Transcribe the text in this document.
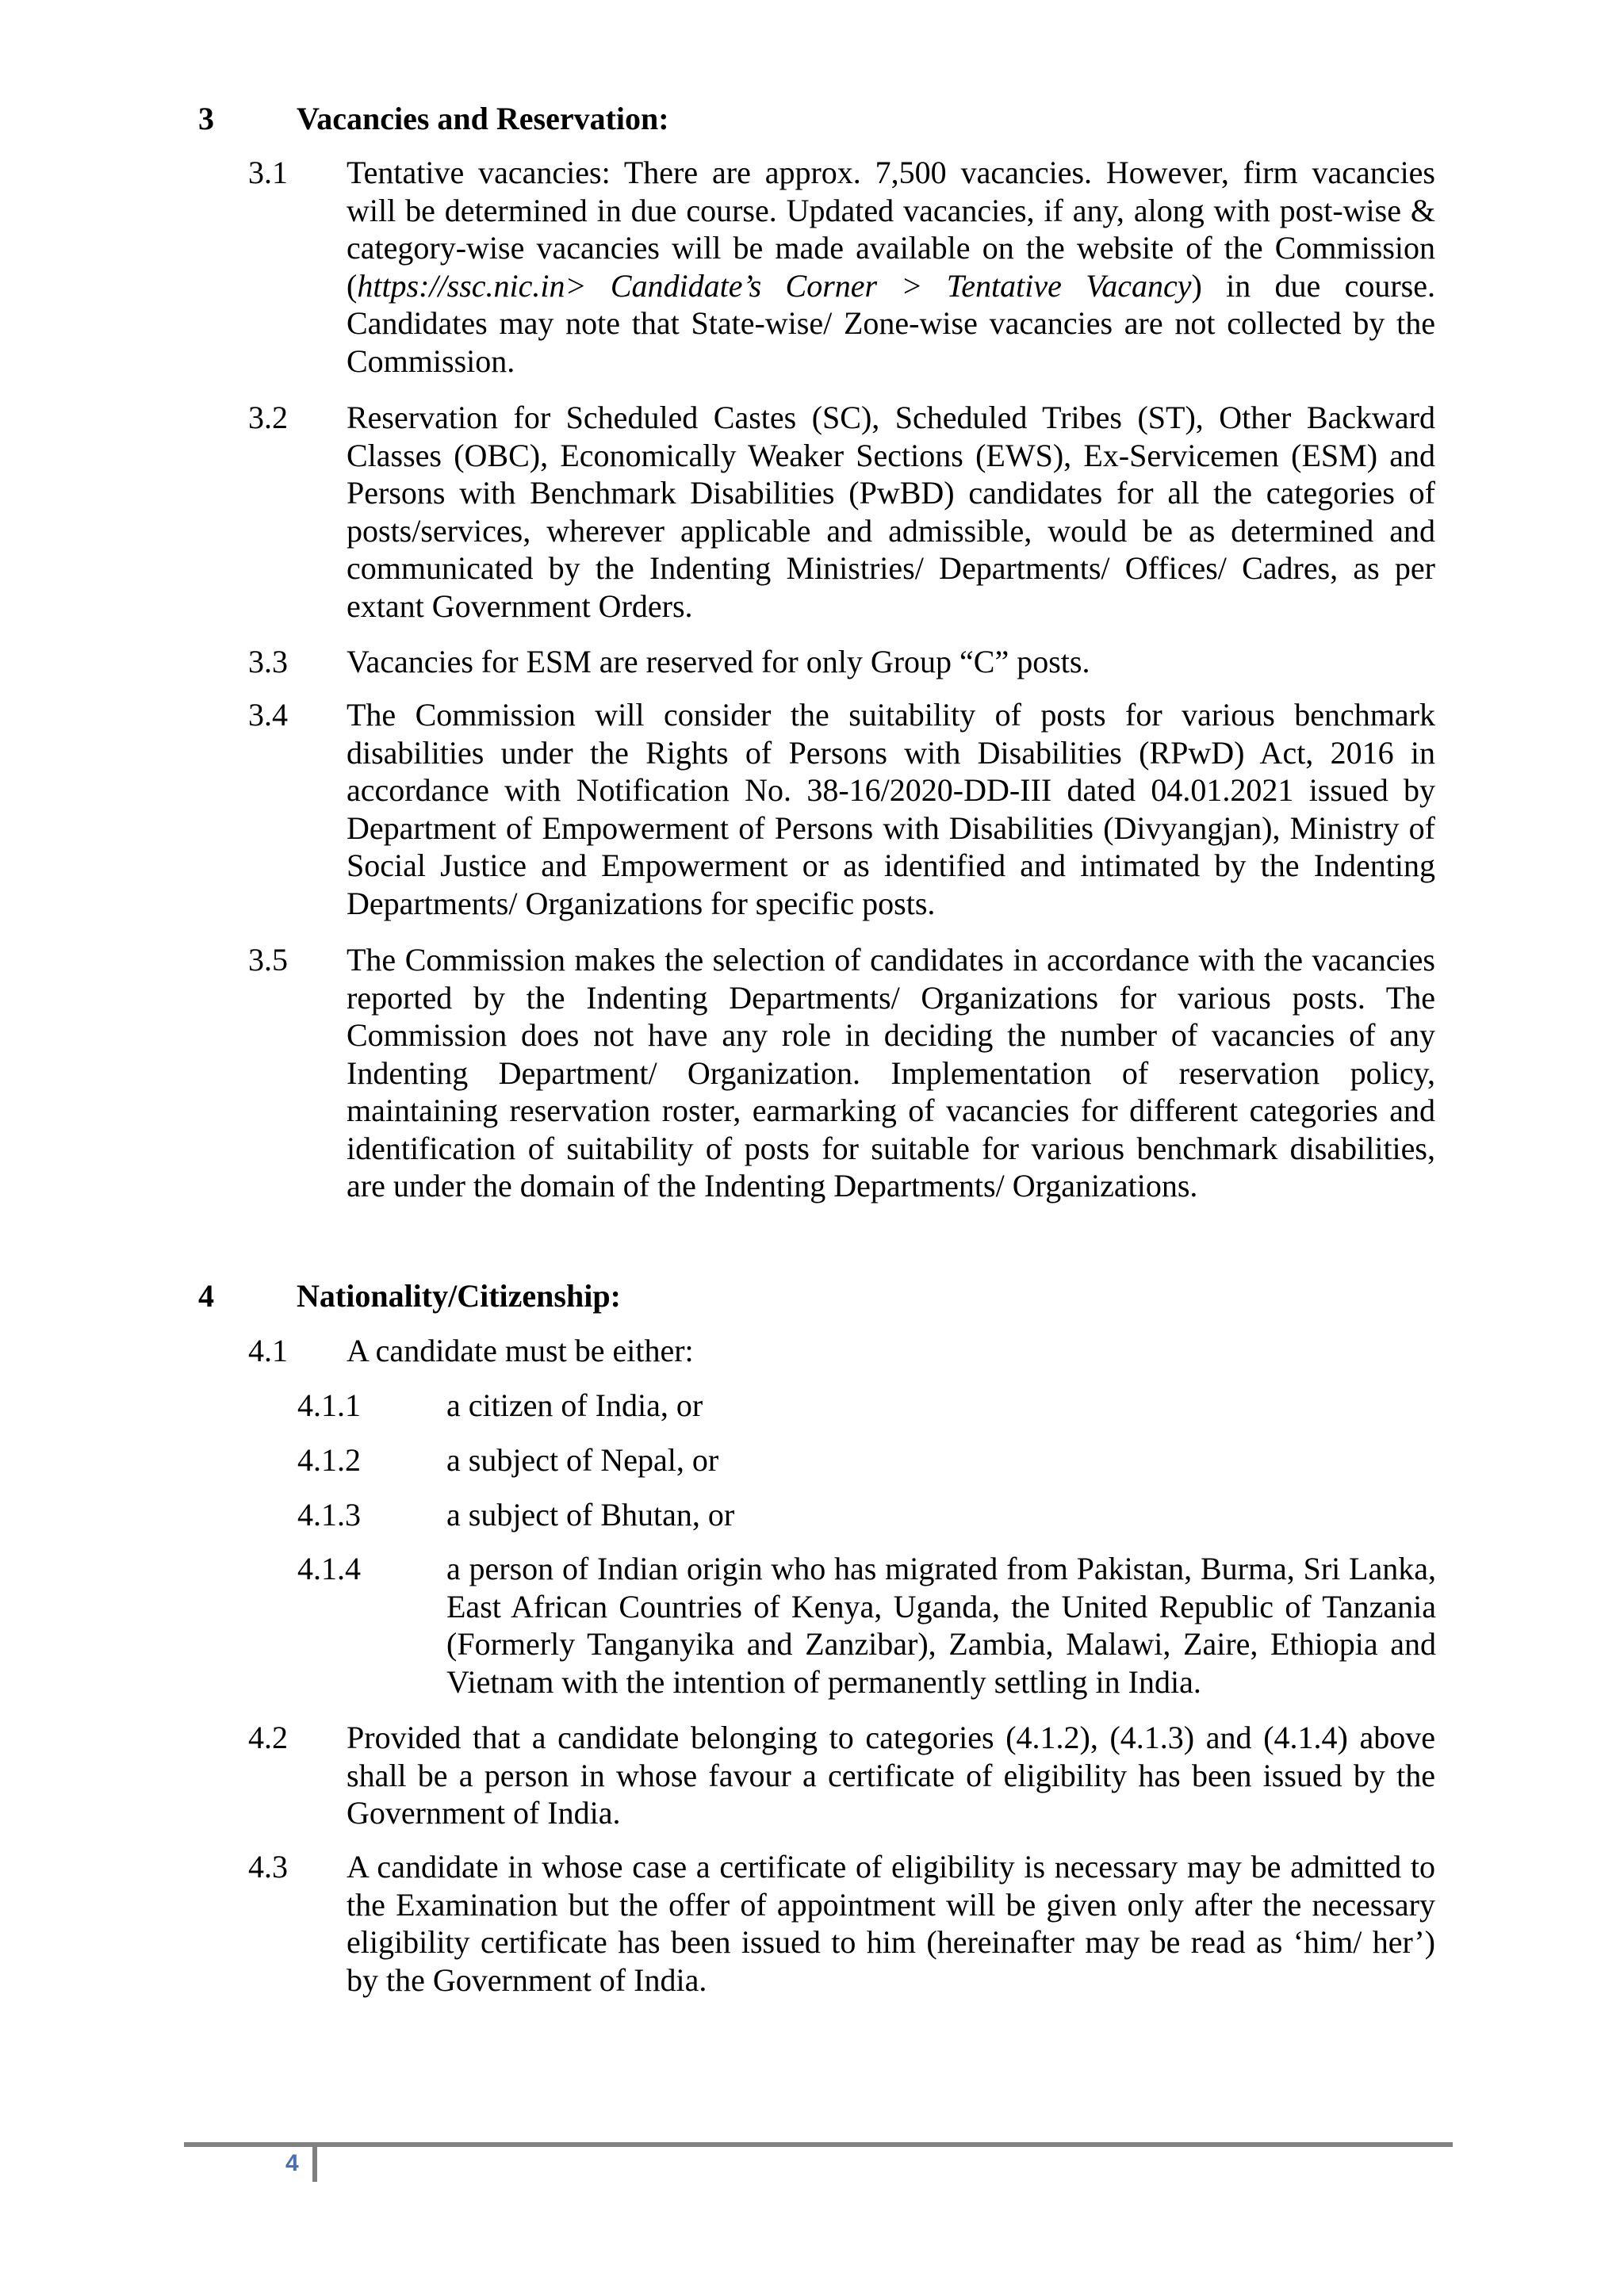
3	Vacancies and Reservation:
3.1 Tentative vacancies: There are approx. 7,500 vacancies. However, firm vacancies will be determined in due course. Updated vacancies, if any, along with post-wise & category-wise vacancies will be made available on the website of the Commission (https://ssc.nic.in> Candidate’s Corner > Tentative Vacancy) in due course. Candidates may note that State-wise/ Zone-wise vacancies are not collected by the Commission.
3.2 Reservation for Scheduled Castes (SC), Scheduled Tribes (ST), Other Backward Classes (OBC), Economically Weaker Sections (EWS), Ex-Servicemen (ESM) and Persons with Benchmark Disabilities (PwBD) candidates for all the categories of posts/services, wherever applicable and admissible, would be as determined and communicated by the Indenting Ministries/ Departments/ Offices/ Cadres, as per extant Government Orders.
3.3 Vacancies for ESM are reserved for only Group “C” posts.
3.4 The Commission will consider the suitability of posts for various benchmark disabilities under the Rights of Persons with Disabilities (RPwD) Act, 2016 in accordance with Notification No. 38-16/2020-DD-III dated 04.01.2021 issued by Department of Empowerment of Persons with Disabilities (Divyangjan), Ministry of Social Justice and Empowerment or as identified and intimated by the Indenting Departments/ Organizations for specific posts.
3.5 The Commission makes the selection of candidates in accordance with the vacancies reported by the Indenting Departments/ Organizations for various posts. The Commission does not have any role in deciding the number of vacancies of any Indenting Department/ Organization. Implementation of reservation policy, maintaining reservation roster, earmarking of vacancies for different categories and identification of suitability of posts for suitable for various benchmark disabilities, are under the domain of the Indenting Departments/ Organizations.
4	Nationality/Citizenship:
4.1 A candidate must be either:
4.1.1	a citizen of India, or
4.1.2	a subject of Nepal, or
4.1.3	a subject of Bhutan, or
4.1.4	a person of Indian origin who has migrated from Pakistan, Burma, Sri Lanka, East African Countries of Kenya, Uganda, the United Republic of Tanzania (Formerly Tanganyika and Zanzibar), Zambia, Malawi, Zaire, Ethiopia and Vietnam with the intention of permanently settling in India.
4.2 Provided that a candidate belonging to categories (4.1.2), (4.1.3) and (4.1.4) above shall be a person in whose favour a certificate of eligibility has been issued by the Government of India.
4.3 A candidate in whose case a certificate of eligibility is necessary may be admitted to the Examination but the offer of appointment will be given only after the necessary eligibility certificate has been issued to him (hereinafter may be read as ‘him/ her’) by the Government of India.
4
